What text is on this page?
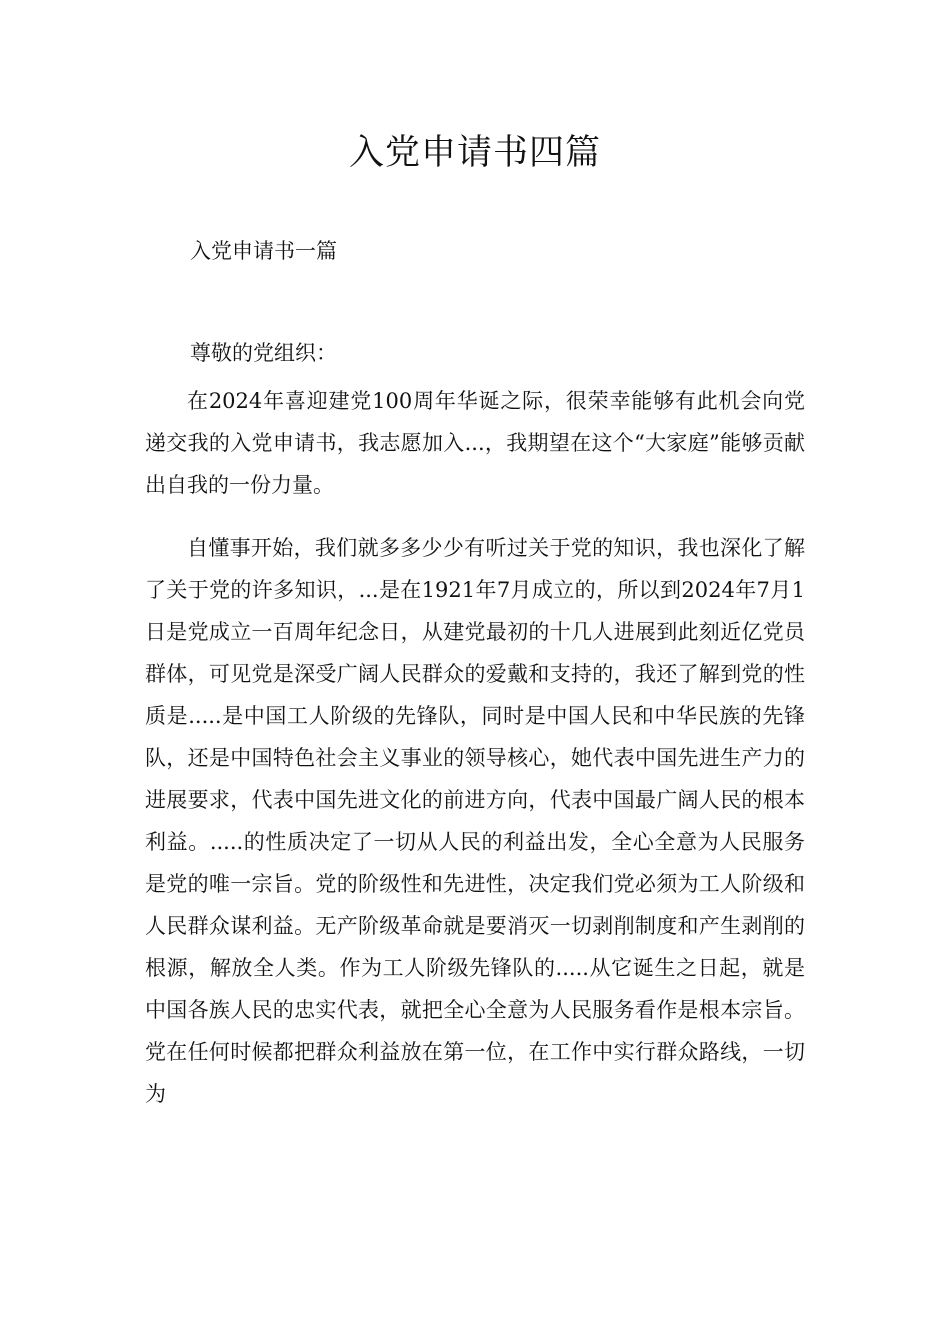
入党申请书四篇

入党申请书一篇

尊敬的党组织：

在2024年喜迎建党100周年华诞之际，很荣幸能够有此机会向党递交我的入党申请书，我志愿加入...，我期望在这个“大家庭”能够贡献出自我的一份力量。

自懂事开始，我们就多多少少有听过关于党的知识，我也深化了解了关于党的许多知识，...是在1921年7月成立的，所以到2024年7月1日是党成立一百周年纪念日，从建党最初的十几人进展到此刻近亿党员群体，可见党是深受广阔人民群众的爱戴和支持的，我还了解到党的性质是.....是中国工人阶级的先锋队，同时是中国人民和中华民族的先锋队，还是中国特色社会主义事业的领导核心，她代表中国先进生产力的进展要求，代表中国先进文化的前进方向，代表中国最广阔人民的根本利益。.....的性质决定了一切从人民的利益出发，全心全意为人民服务是党的唯一宗旨。党的阶级性和先进性，决定我们党必须为工人阶级和人民群众谋利益。无产阶级革命就是要消灭一切剥削制度和产生剥削的根源，解放全人类。作为工人阶级先锋队的.....从它诞生之日起，就是中国各族人民的忠实代表，就把全心全意为人民服务看作是根本宗旨。党在任何时候都把群众利益放在第一位，在工作中实行群众路线，一切为
